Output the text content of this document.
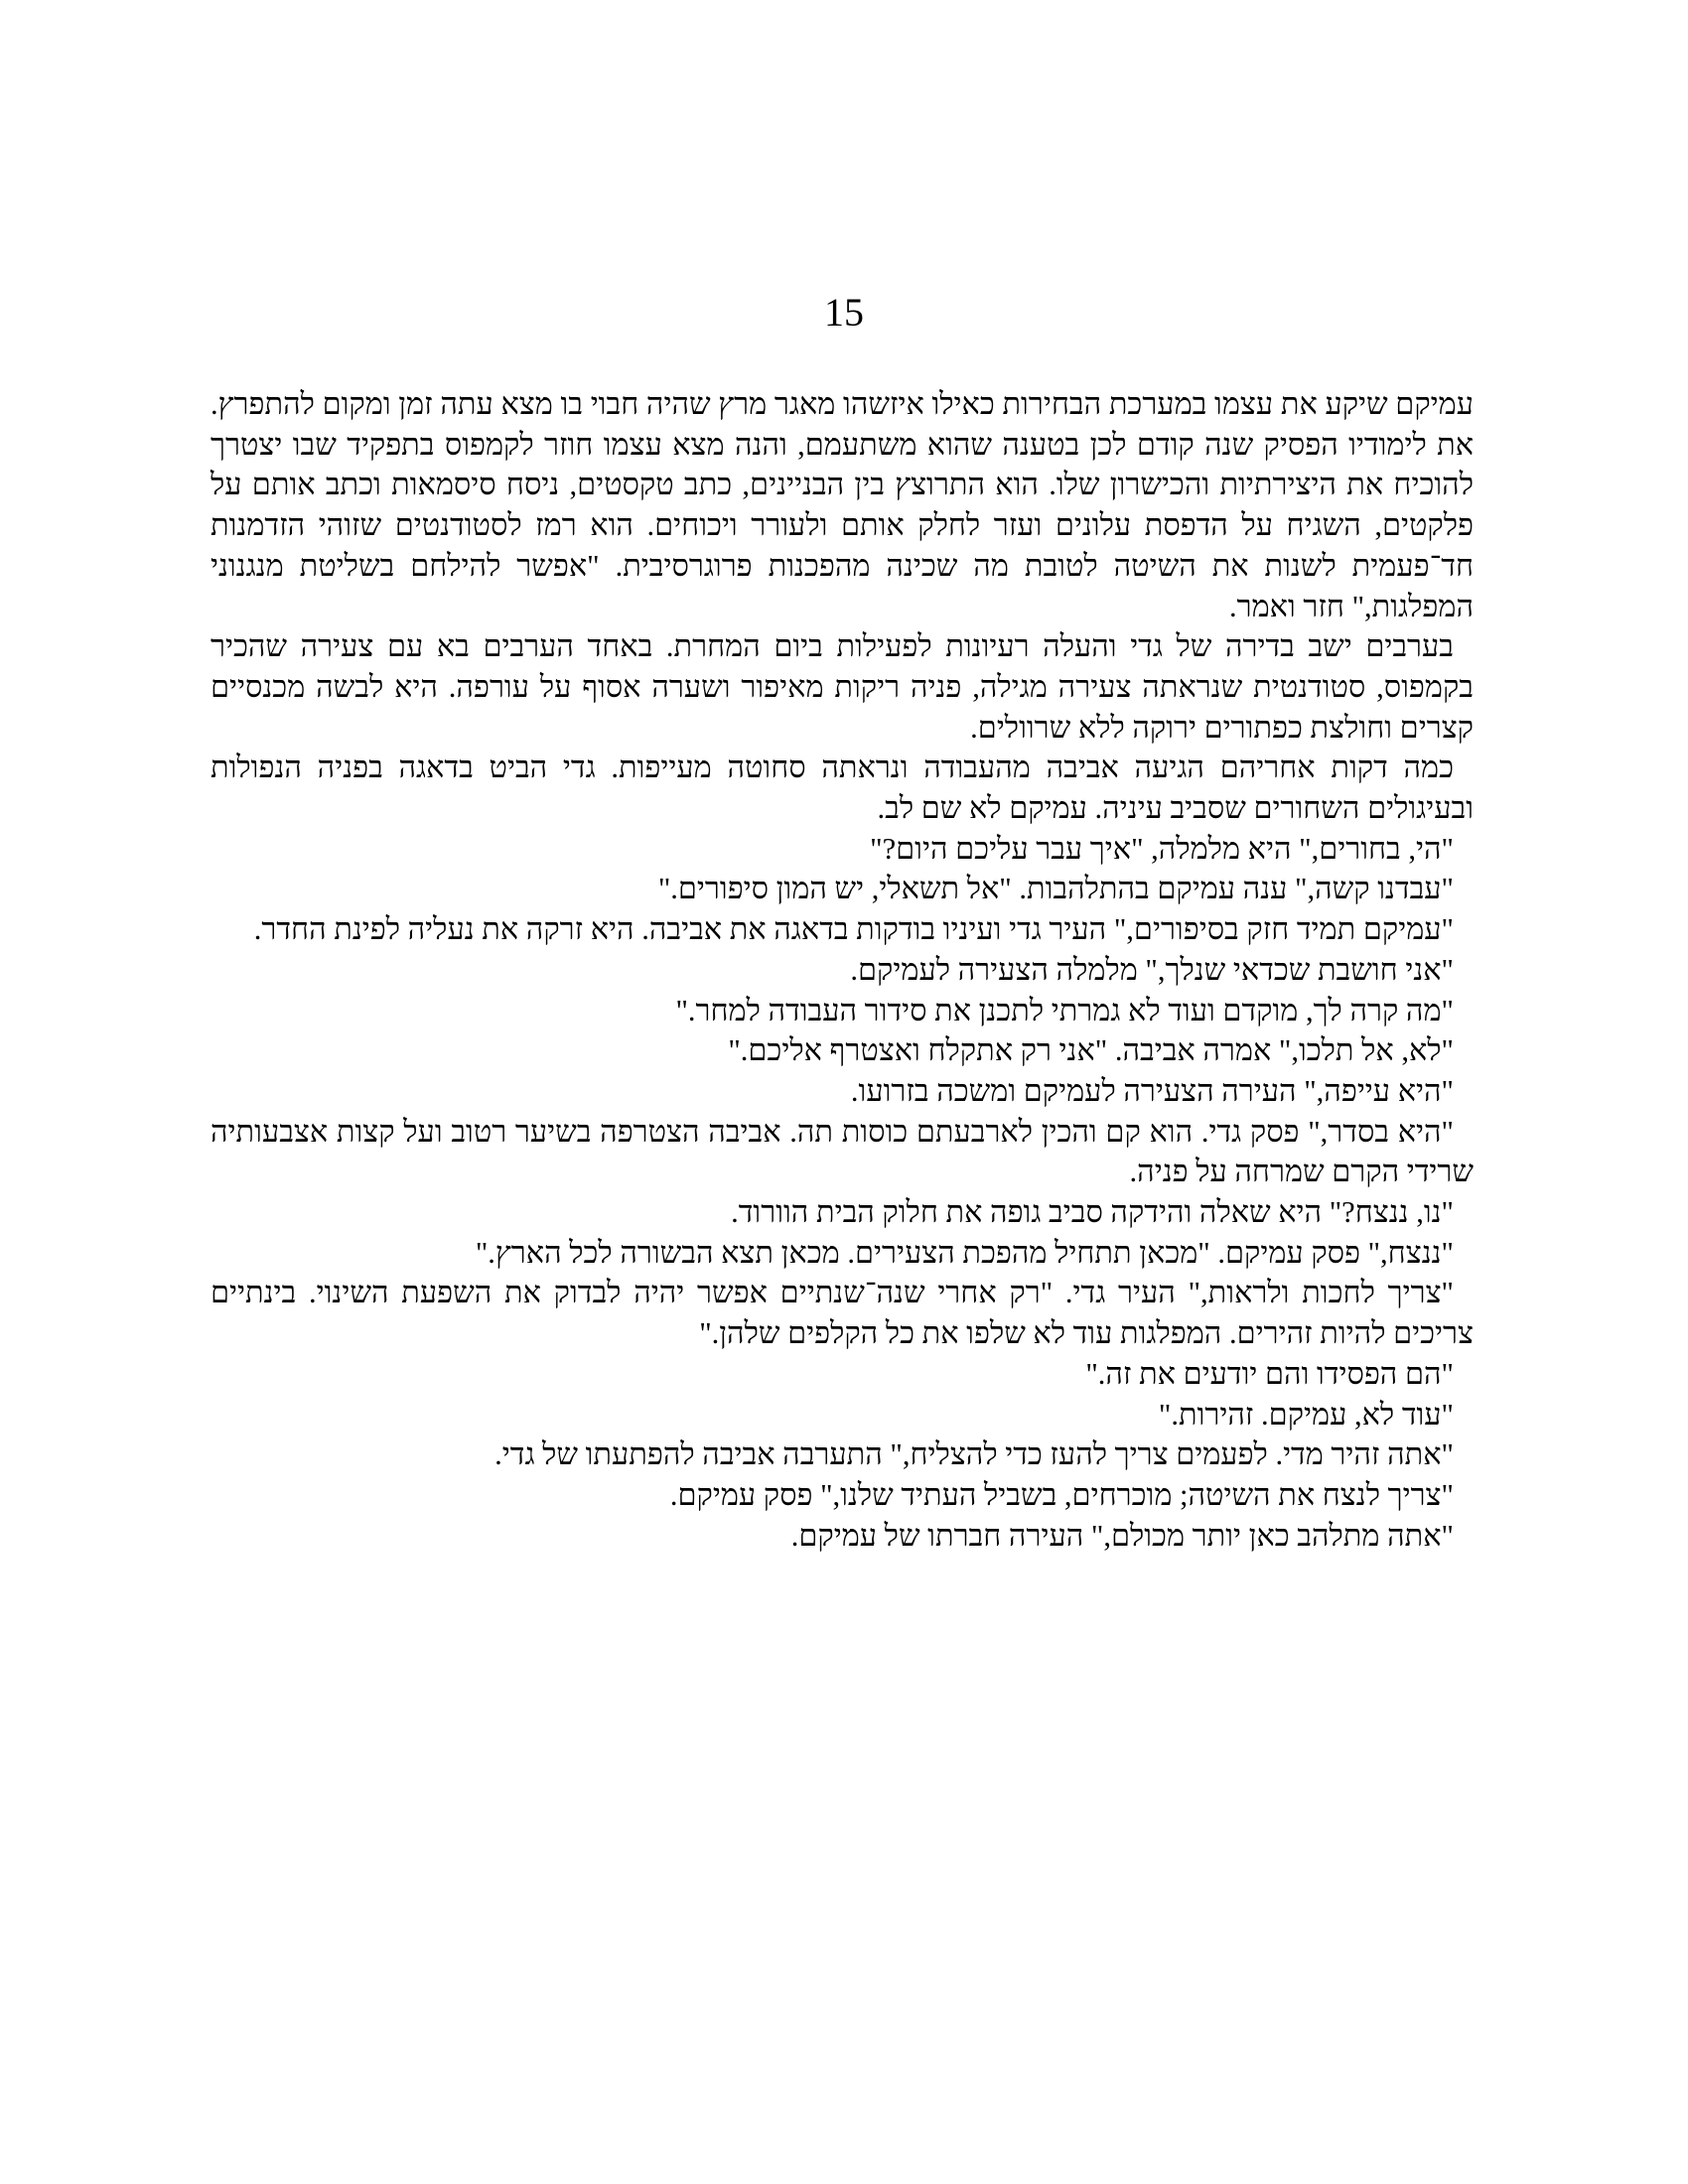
15

עמיקם שיקע את עצמו במערכת הבחירות כאילו איזשהו מאגר מרץ שהיה חבוי בו מצא עתה זמן ומקום להתפרץ. את לימודיו הפסיק שנה קודם לכן בטענה שהוא משתעמם, והנה מצא עצמו חוזר לקמפוס בתפקיד שבו יצטרך להוכיח את היצירתיות והכישרון שלו. הוא התרוצץ בין הבניינים, כתב טקסטים, ניסח סיסמאות וכתב אותם על פלקטים, השגיח על הדפסת עלונים ועזר לחלק אותם ולעורר ויכוחים. הוא רמז לסטודנטים שזוהי הזדמנות חד־פעמית לשנות את השיטה לטובת מה שכינה מהפכנות פרוגרסיבית. "אפשר להילחם בשליטת מנגנוני המפלגות," חזר ואמר.

בערבים ישב בדירה של גדי והעלה רעיונות לפעילות ביום המחרת. באחד הערבים בא עם צעירה שהכיר בקמפוס, סטודנטית שנראתה צעירה מגילה, פניה ריקות מאיפור ושערה אסוף על עורפה. היא לבשה מכנסיים קצרים וחולצת כפתורים ירוקה ללא שרוולים.

כמה דקות אחריהם הגיעה אביבה מהעבודה ונראתה סחוטה מעייפות. גדי הביט בדאגה בפניה הנפולות ובעיגולים השחורים שסביב עיניה. עמיקם לא שם לב.

"הי, בחורים," היא מלמלה, "איך עבר עליכם היום?"

"עבדנו קשה," ענה עמיקם בהתלהבות. "אל תשאלי, יש המון סיפורים."

"עמיקם תמיד חזק בסיפורים," העיר גדי ועיניו בודקות בדאגה את אביבה. היא זרקה את נעליה לפינת החדר.

"אני חושבת שכדאי שנלך," מלמלה הצעירה לעמיקם.

"מה קרה לך, מוקדם ועוד לא גמרתי לתכנן את סידור העבודה למחר."

"לא, אל תלכו," אמרה אביבה. "אני רק אתקלח ואצטרף אליכם."

"היא עייפה," העירה הצעירה לעמיקם ומשכה בזרועו.

"היא בסדר," פסק גדי. הוא קם והכין לארבעתם כוסות תה. אביבה הצטרפה בשיער רטוב ועל קצות אצבעותיה שרידי הקרם שמרחה על פניה.

"נו, ננצח?" היא שאלה והידקה סביב גופה את חלוק הבית הוורוד.

"ננצח," פסק עמיקם. "מכאן תתחיל מהפכת הצעירים. מכאן תצא הבשורה לכל הארץ."

"צריך לחכות ולראות," העיר גדי. "רק אחרי שנה־שנתיים אפשר יהיה לבדוק את השפעת השינוי. בינתיים צריכים להיות זהירים. המפלגות עוד לא שלפו את כל הקלפים שלהן."

"הם הפסידו והם יודעים את זה."

"עוד לא, עמיקם. זהירות."

"אתה זהיר מדי. לפעמים צריך להעז כדי להצליח," התערבה אביבה להפתעתו של גדי.

"צריך לנצח את השיטה; מוכרחים, בשביל העתיד שלנו," פסק עמיקם.

"אתה מתלהב כאן יותר מכולם," העירה חברתו של עמיקם.
